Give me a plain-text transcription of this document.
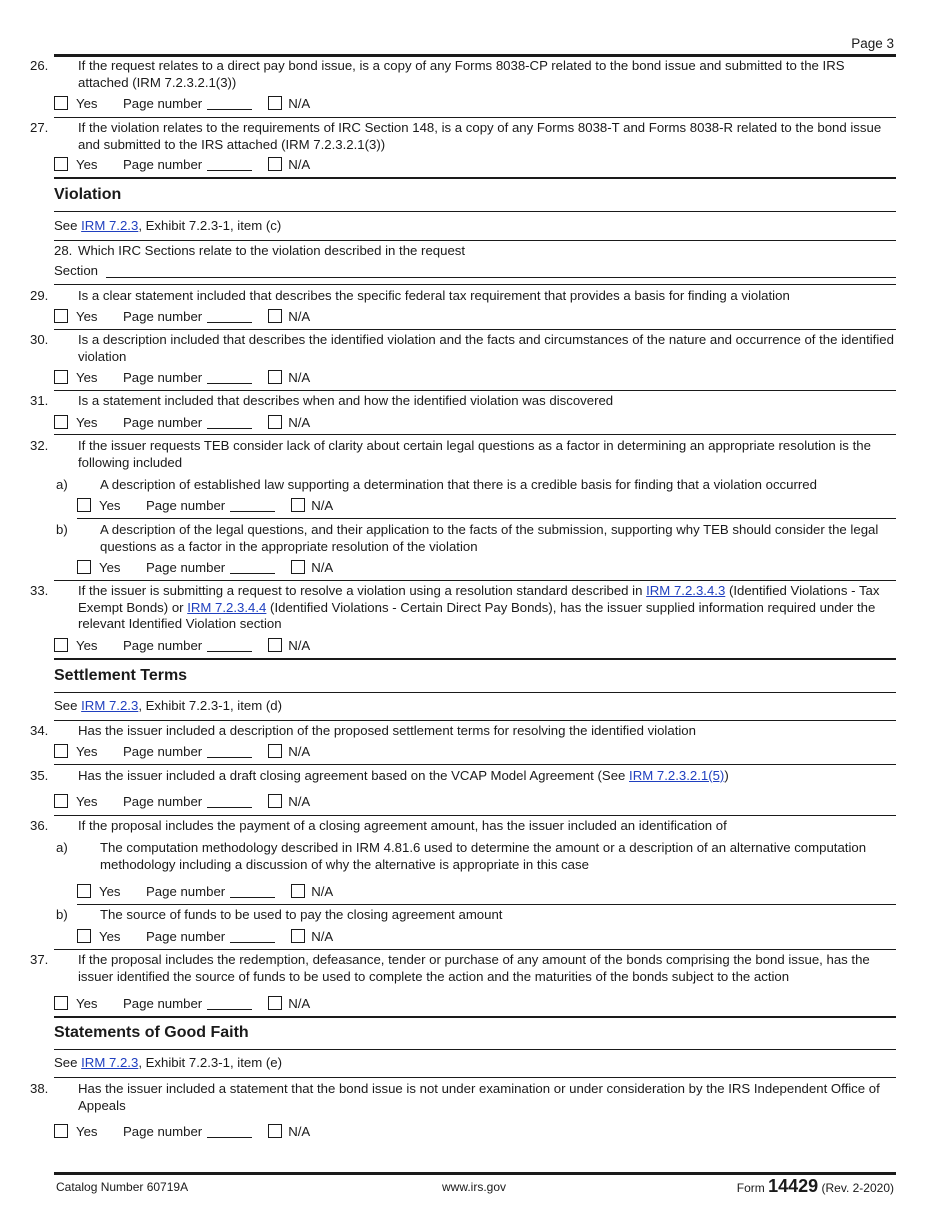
Page 3
26. If the request relates to a direct pay bond issue, is a copy of any Forms 8038-CP related to the bond issue and submitted to the IRS attached (IRM 7.2.3.2.1(3))
Yes	Page number	N/A
27. If the violation relates to the requirements of IRC Section 148, is a copy of any Forms 8038-T and Forms 8038-R related to the bond issue and submitted to the IRS attached (IRM 7.2.3.2.1(3))
Yes	Page number	N/A
Violation
See IRM 7.2.3, Exhibit 7.2.3-1, item (c)
28. Which IRC Sections relate to the violation described in the request
Section
29. Is a clear statement included that describes the specific federal tax requirement that provides a basis for finding a violation
Yes	Page number	N/A
30. Is a description included that describes the identified violation and the facts and circumstances of the nature and occurrence of the identified violation
Yes	Page number	N/A
31. Is a statement included that describes when and how the identified violation was discovered
Yes	Page number	N/A
32. If the issuer requests TEB consider lack of clarity about certain legal questions as a factor in determining an appropriate resolution is the following included
a) A description of established law supporting a determination that there is a credible basis for finding that a violation occurred
Yes	Page number	N/A
b) A description of the legal questions, and their application to the facts of the submission, supporting why TEB should consider the legal questions as a factor in the appropriate resolution of the violation
Yes	Page number	N/A
33. If the issuer is submitting a request to resolve a violation using a resolution standard described in IRM 7.2.3.4.3 (Identified Violations - Tax Exempt Bonds) or IRM 7.2.3.4.4 (Identified Violations - Certain Direct Pay Bonds), has the issuer supplied information required under the relevant Identified Violation section
Yes	Page number	N/A
Settlement Terms
See IRM 7.2.3, Exhibit 7.2.3-1, item (d)
34. Has the issuer included a description of the proposed settlement terms for resolving the identified violation
Yes	Page number	N/A
35. Has the issuer included a draft closing agreement based on the VCAP Model Agreement (See IRM 7.2.3.2.1(5))
Yes	Page number	N/A
36. If the proposal includes the payment of a closing agreement amount, has the issuer included an identification of
a) The computation methodology described in IRM 4.81.6 used to determine the amount or a description of an alternative computation methodology including a discussion of why the alternative is appropriate in this case
Yes	Page number	N/A
b) The source of funds to be used to pay the closing agreement amount
Yes	Page number	N/A
37. If the proposal includes the redemption, defeasance, tender or purchase of any amount of the bonds comprising the bond issue, has the issuer identified the source of funds to be used to complete the action and the maturities of the bonds subject to the action
Yes	Page number	N/A
Statements of Good Faith
See IRM 7.2.3, Exhibit 7.2.3-1, item (e)
38. Has the issuer included a statement that the bond issue is not under examination or under consideration by the IRS Independent Office of Appeals
Yes	Page number	N/A
Catalog Number 60719A	www.irs.gov	Form 14429 (Rev. 2-2020)
